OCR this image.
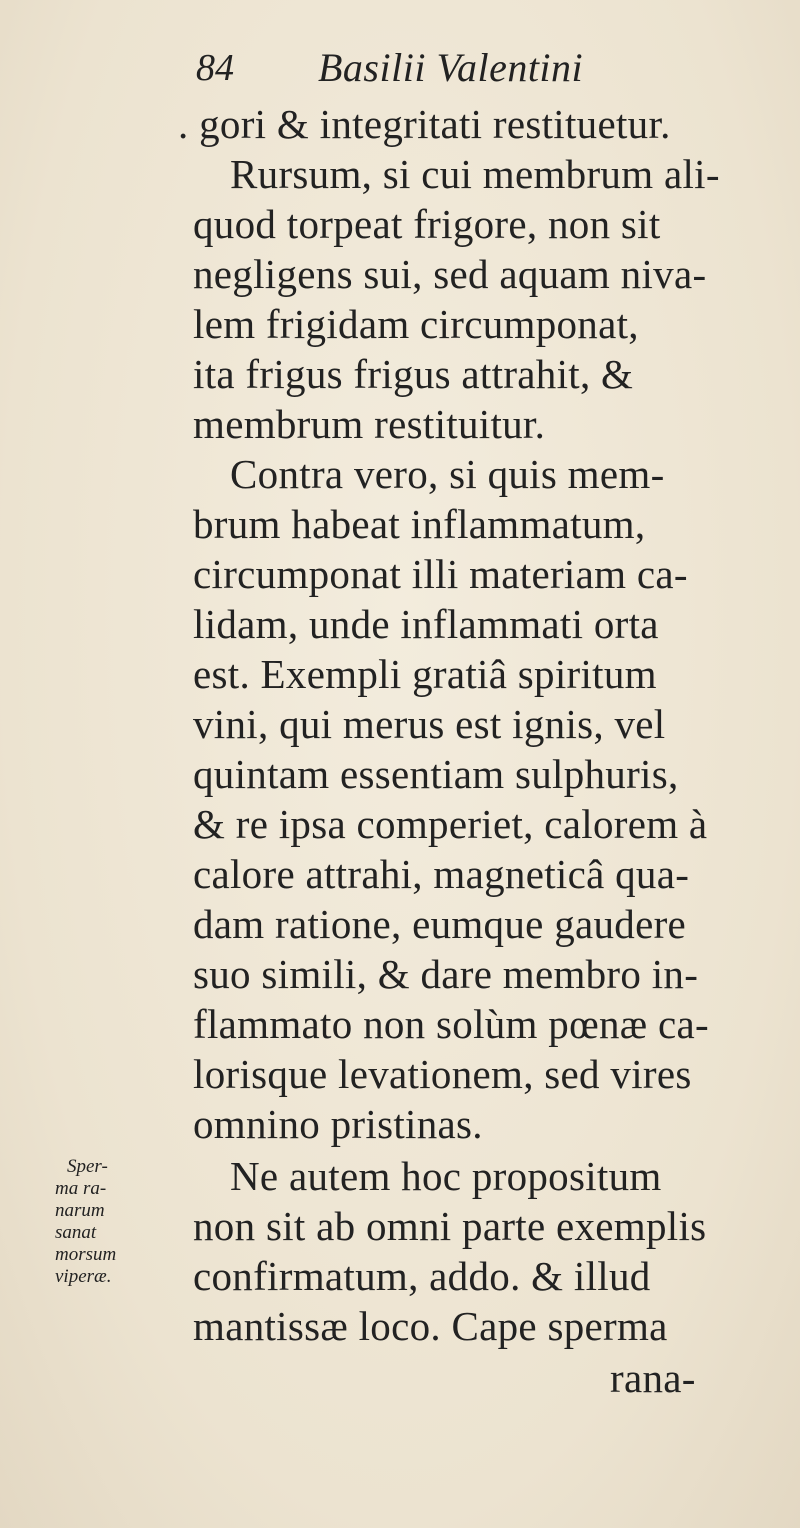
84 Basilii Valentini
. gori & integritati restituetur.
Rursum, si cui membrum ali-
quod torpeat frigore, non sit
negligens sui, sed aquam niva-
lem frigidam circumponat,
ita frigus frigus attrahit, &
membrum restituitur.
Contra vero, si quis mem-
brum habeat inflammatum,
circumponat illi materiam ca-
lidam, unde inflammati orta
est. Exempli gratiâ spiritum
vini, qui merus est ignis, vel
quintam essentiam sulphuris,
& re ipsa comperiet, calorem à
calore attrahi, magneticâ qua-
dam ratione, eumque gaudere
suo simili, & dare membro in-
flammato non solùm pœnæ ca-
lorisque levationem, sed vires
omnino pristinas.
Ne autem hoc propositum
non sit ab omni parte exemplis
confirmatum, addo. & illud
mantissæ loco. Cape sperma
rana-
Sper-
ma ra-
narum
sanat
morsum
viperæ.
